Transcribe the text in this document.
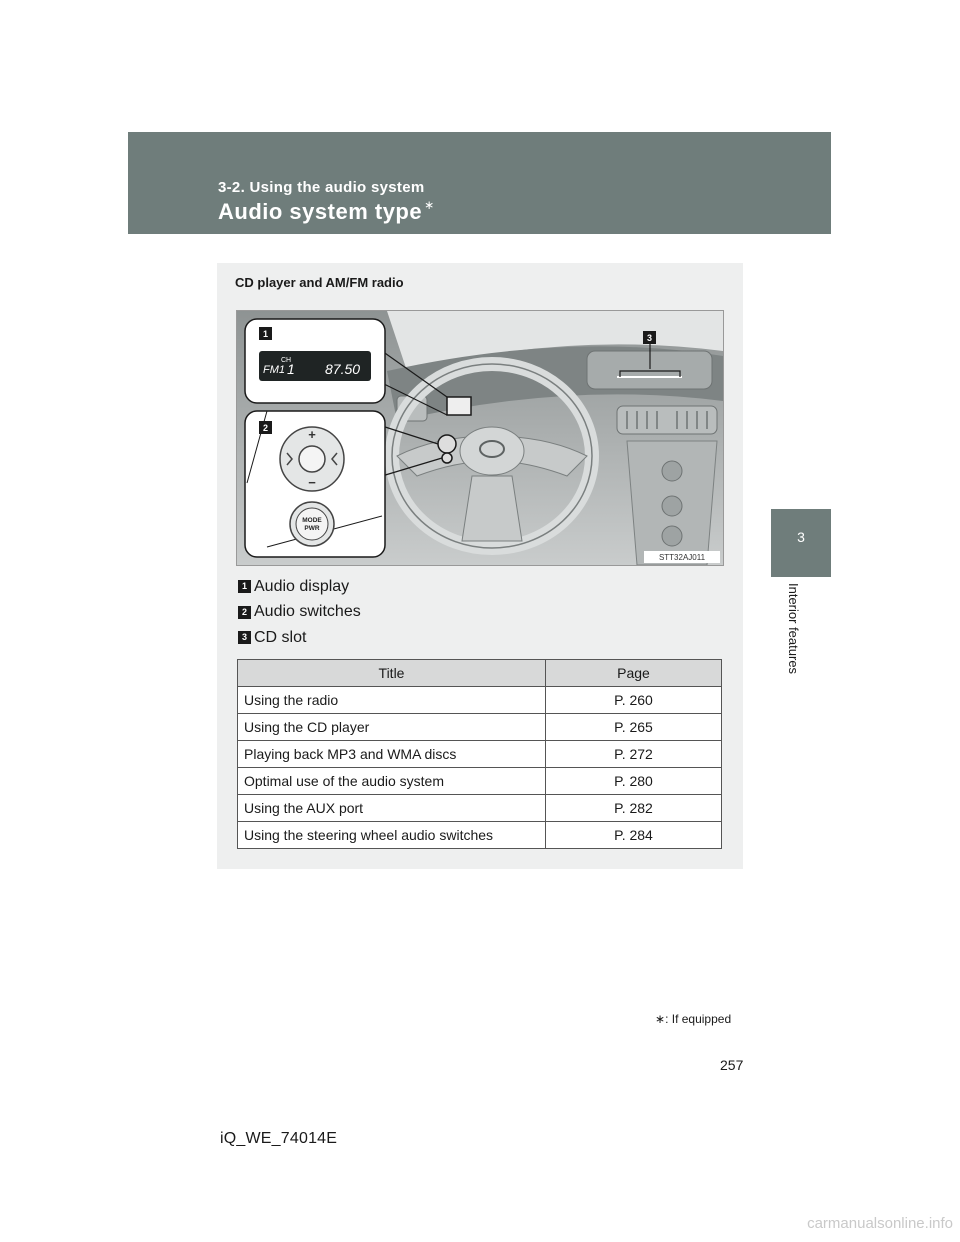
3-2. Using the audio system
Audio system type ∗
3
Interior features
CD player and AM/FM radio
FM1
CH
1 87.50
1
2	+
−
MODE
PWR
3
STT32AJ011
1 Audio display
2 Audio switches
3 CD slot
Title	Page
Using the radio	P. 260
Using the CD player	P. 265
Playing back MP3 and WMA discs	P. 272
Optimal use of the audio system	P. 280
Using the AUX port	P. 282
Using the steering wheel audio switches	P. 284
∗: If equipped
257
iQ_WE_74014E
carmanualsonline.info
